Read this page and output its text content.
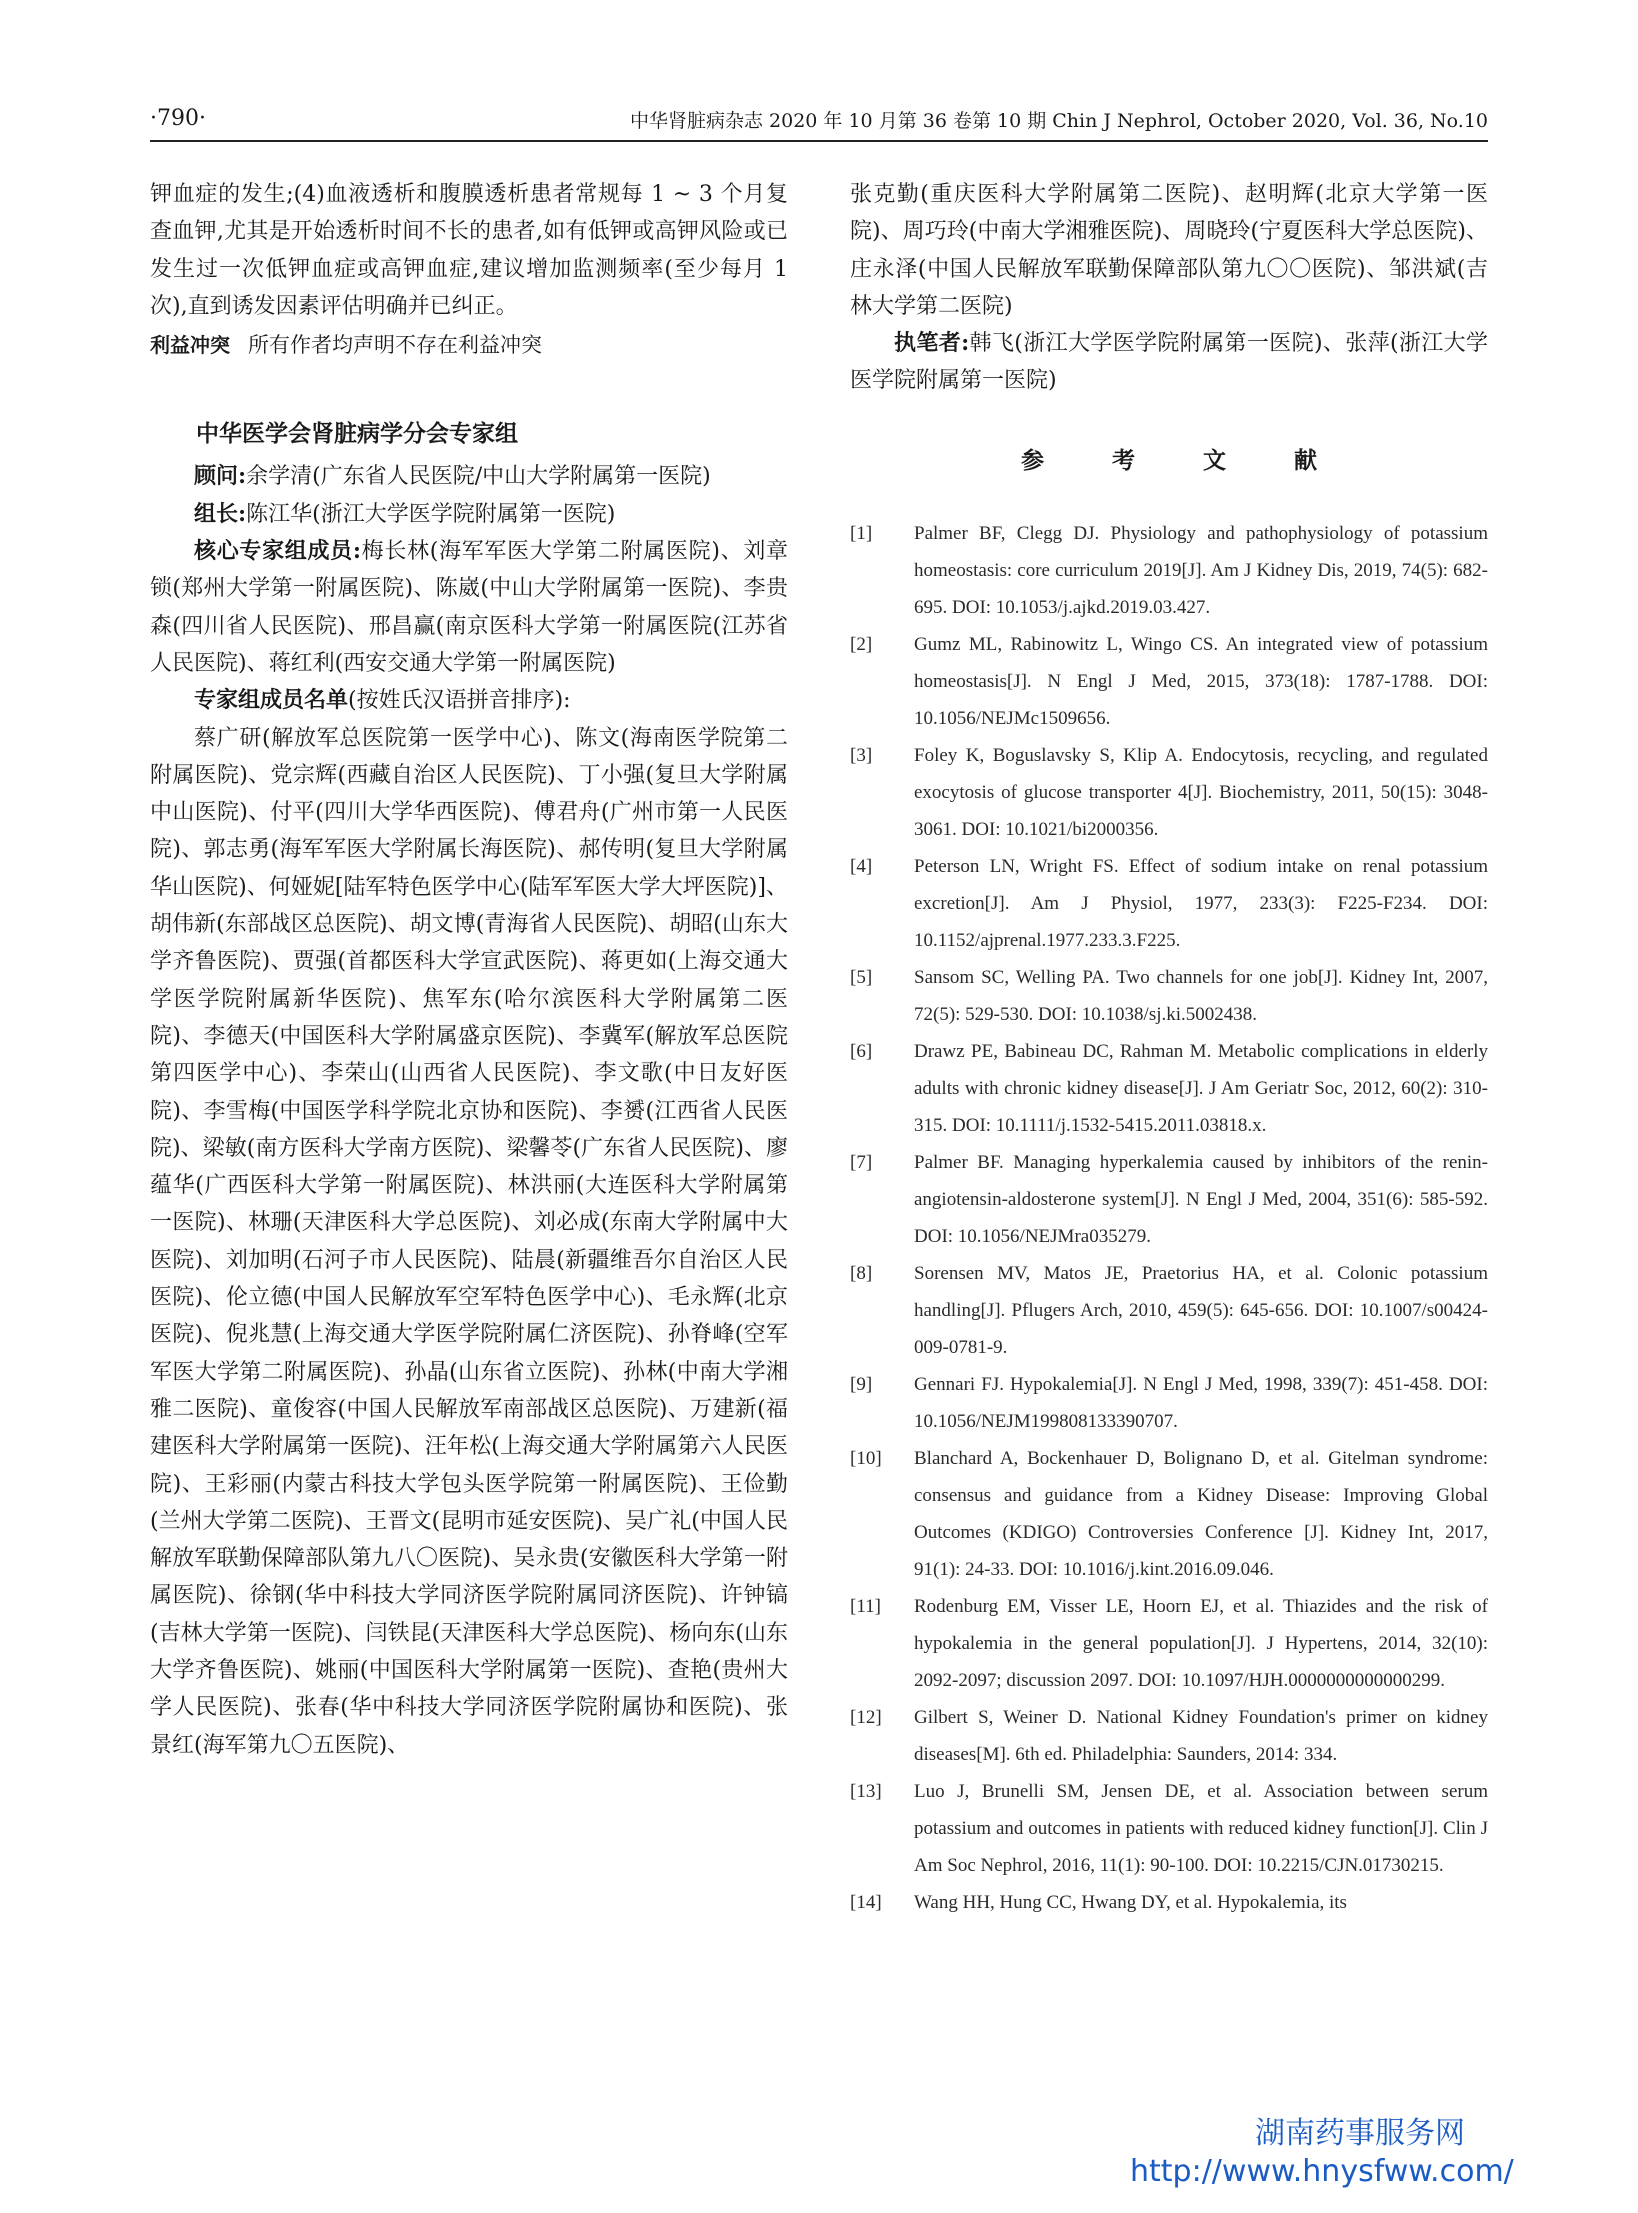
·790·	中华肾脏病杂志 2020 年 10 月第 36 卷第 10 期 Chin J Nephrol, October 2020, Vol. 36, No.10

钾血症的发生;(4)血液透析和腹膜透析患者常规每 1 ~ 3 个月复查血钾,尤其是开始透析时间不长的患者,如有低钾或高钾风险或已发生过一次低钾血症或高钾血症,建议增加监测频率(至少每月 1 次),直到诱发因素评估明确并已纠正。

利益冲突 所有作者均声明不存在利益冲突

中华医学会肾脏病学分会专家组

顾问:余学清(广东省人民医院/中山大学附属第一医院)

组长:陈江华(浙江大学医学院附属第一医院)

核心专家组成员:梅长林(海军军医大学第二附属医院)、刘章锁(郑州大学第一附属医院)、陈崴(中山大学附属第一医院)、李贵森(四川省人民医院)、邢昌赢(南京医科大学第一附属医院(江苏省人民医院)、蒋红利(西安交通大学第一附属医院)

专家组成员名单(按姓氏汉语拼音排序):

蔡广研(解放军总医院第一医学中心)、陈文(海南医学院第二附属医院)、党宗辉(西藏自治区人民医院)、丁小强(复旦大学附属中山医院)、付平(四川大学华西医院)、傅君舟(广州市第一人民医院)、郭志勇(海军军医大学附属长海医院)、郝传明(复旦大学附属华山医院)、何娅妮[陆军特色医学中心(陆军军医大学大坪医院)]、胡伟新(东部战区总医院)、胡文博(青海省人民医院)、胡昭(山东大学齐鲁医院)、贾强(首都医科大学宣武医院)、蒋更如(上海交通大学医学院附属新华医院)、焦军东(哈尔滨医科大学附属第二医院)、李德天(中国医科大学附属盛京医院)、李冀军(解放军总医院第四医学中心)、李荣山(山西省人民医院)、李文歌(中日友好医院)、李雪梅(中国医学科学院北京协和医院)、李赟(江西省人民医院)、梁敏(南方医科大学南方医院)、梁馨苓(广东省人民医院)、廖蕴华(广西医科大学第一附属医院)、林洪丽(大连医科大学附属第一医院)、林珊(天津医科大学总医院)、刘必成(东南大学附属中大医院)、刘加明(石河子市人民医院)、陆晨(新疆维吾尔自治区人民医院)、伦立德(中国人民解放军空军特色医学中心)、毛永辉(北京医院)、倪兆慧(上海交通大学医学院附属仁济医院)、孙脊峰(空军军医大学第二附属医院)、孙晶(山东省立医院)、孙林(中南大学湘雅二医院)、童俊容(中国人民解放军南部战区总医院)、万建新(福建医科大学附属第一医院)、汪年松(上海交通大学附属第六人民医院)、王彩丽(内蒙古科技大学包头医学院第一附属医院)、王俭勤(兰州大学第二医院)、王晋文(昆明市延安医院)、吴广礼(中国人民解放军联勤保障部队第九八〇医院)、吴永贵(安徽医科大学第一附属医院)、徐钢(华中科技大学同济医学院附属同济医院)、许钟镐(吉林大学第一医院)、闫铁昆(天津医科大学总医院)、杨向东(山东大学齐鲁医院)、姚丽(中国医科大学附属第一医院)、查艳(贵州大学人民医院)、张春(华中科技大学同济医学院附属协和医院)、张景红(海军第九〇五医院)、

张克勤(重庆医科大学附属第二医院)、赵明辉(北京大学第一医院)、周巧玲(中南大学湘雅医院)、周晓玲(宁夏医科大学总医院)、庄永泽(中国人民解放军联勤保障部队第九〇〇医院)、邹洪斌(吉林大学第二医院)

执笔者:韩飞(浙江大学医学院附属第一医院)、张萍(浙江大学医学院附属第一医院)

参 考 文 献
[1]	Palmer BF, Clegg DJ. Physiology and pathophysiology of potassium homeostasis: core curriculum 2019[J]. Am J Kidney Dis, 2019, 74(5): 682-695. DOI: 10.1053/j.ajkd.2019.03.427.
[2]	Gumz ML, Rabinowitz L, Wingo CS. An integrated view of potassium homeostasis[J]. N Engl J Med, 2015, 373(18): 1787-1788. DOI: 10.1056/NEJMc1509656.
[3]	Foley K, Boguslavsky S, Klip A. Endocytosis, recycling, and regulated exocytosis of glucose transporter 4[J]. Biochemistry, 2011, 50(15): 3048-3061. DOI: 10.1021/bi2000356.
[4]	Peterson LN, Wright FS. Effect of sodium intake on renal potassium excretion[J]. Am J Physiol, 1977, 233(3): F225-F234. DOI: 10.1152/ajprenal.1977.233.3.F225.
[5]	Sansom SC, Welling PA. Two channels for one job[J]. Kidney Int, 2007, 72(5): 529-530. DOI: 10.1038/sj.ki.5002438.
[6]	Drawz PE, Babineau DC, Rahman M. Metabolic complications in elderly adults with chronic kidney disease[J]. J Am Geriatr Soc, 2012, 60(2): 310-315. DOI: 10.1111/j.1532-5415.2011.03818.x.
[7]	Palmer BF. Managing hyperkalemia caused by inhibitors of the renin-angiotensin-aldosterone system[J]. N Engl J Med, 2004, 351(6): 585-592. DOI: 10.1056/NEJMra035279.
[8]	Sorensen MV, Matos JE, Praetorius HA, et al. Colonic potassium handling[J]. Pflugers Arch, 2010, 459(5): 645-656. DOI: 10.1007/s00424-009-0781-9.
[9]	Gennari FJ. Hypokalemia[J]. N Engl J Med, 1998, 339(7): 451-458. DOI: 10.1056/NEJM199808133390707.
[10]	Blanchard A, Bockenhauer D, Bolignano D, et al. Gitelman syndrome: consensus and guidance from a Kidney Disease: Improving Global Outcomes (KDIGO) Controversies Conference [J]. Kidney Int, 2017, 91(1): 24-33. DOI: 10.1016/j.kint.2016.09.046.
[11]	Rodenburg EM, Visser LE, Hoorn EJ, et al. Thiazides and the risk of hypokalemia in the general population[J]. J Hypertens, 2014, 32(10): 2092-2097; discussion 2097. DOI: 10.1097/HJH.0000000000000299.
[12]	Gilbert S, Weiner D. National Kidney Foundation's primer on kidney diseases[M]. 6th ed. Philadelphia: Saunders, 2014: 334.
[13]	Luo J, Brunelli SM, Jensen DE, et al. Association between serum potassium and outcomes in patients with reduced kidney function[J]. Clin J Am Soc Nephrol, 2016, 11(1): 90-100. DOI: 10.2215/CJN.01730215.
[14]	Wang HH, Hung CC, Hwang DY, et al. Hypokalemia, its
湖南药事服务网
http://www.hnysfww.com/
